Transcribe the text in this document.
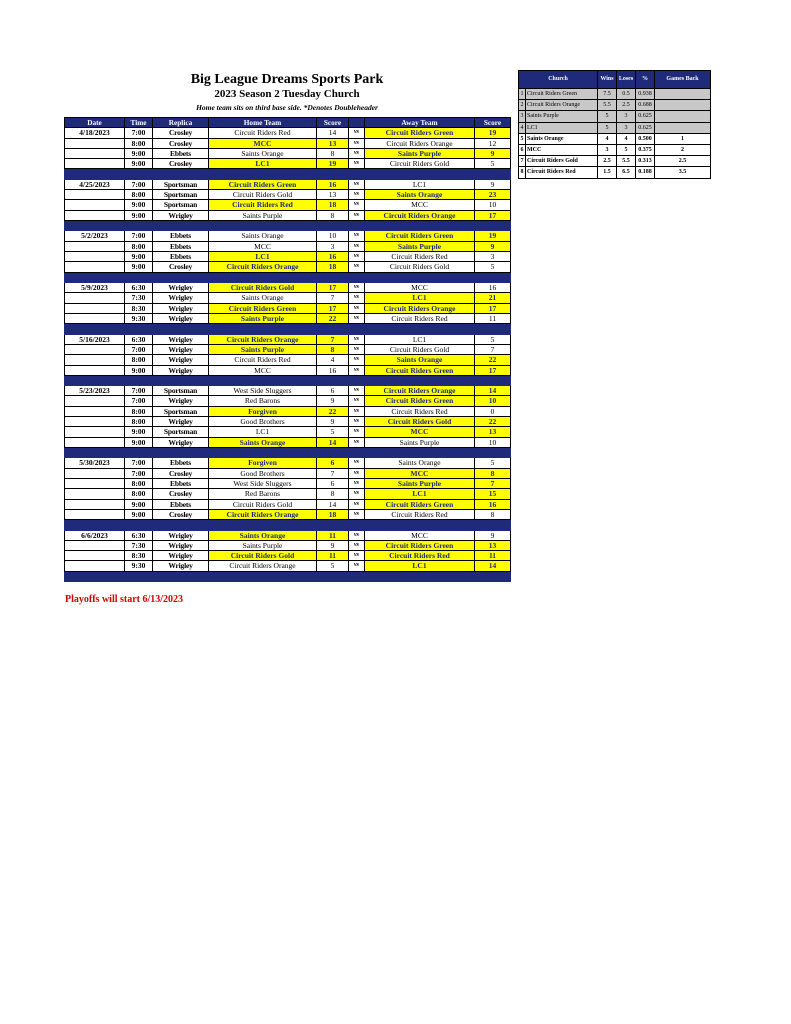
Big League Dreams Sports Park
2023 Season 2 Tuesday Church
Home team sits on third base side. *Denotes Doubleheader
Date	Time	Replica	Home Team	Score		Away Team	Score
4/18/2023	7:00	Crosley	Circuit Riders Red	14	vs	Circuit Riders Green	19
	8:00	Crosley	MCC	13	vs	Circuit Riders Orange	12
	9:00	Ebbets	Saints Orange	8	vs	Saints Purple	9
	9:00	Crosley	LC1	19	vs	Circuit Riders Gold	5

4/25/2023	7:00	Sportsman	Circuit Riders Green	16	vs	LC1	9
	8:00	Sportsman	Circuit Riders Gold	13	vs	Saints Orange	23
	9:00	Sportsman	Circuit Riders Red	18	vs	MCC	10
	9:00	Wrigley	Saints Purple	8	vs	Circuit Riders Orange	17

5/2/2023	7:00	Ebbets	Saints Orange	10	vs	Circuit Riders Green	19
	8:00	Ebbets	MCC	3	vs	Saints Purple	9
	9:00	Ebbets	LC1	16	vs	Circuit Riders Red	3
	9:00	Crosley	Circuit Riders Orange	18	vs	Circuit Riders Gold	5

5/9/2023	6:30	Wrigley	Circuit Riders Gold	17	vs	MCC	16
	7:30	Wrigley	Saints Orange	7	vs	LC1	21
	8:30	Wrigley	Circuit Riders Green	17	vs	Circuit Riders Orange	17
	9:30	Wrigley	Saints Purple	22	vs	Circuit Riders Red	11

5/16/2023	6:30	Wrigley	Circuit Riders Orange	7	vs	LC1	5
	7:00	Wrigley	Saints Purple	8	vs	Circuit Riders Gold	7
	8:00	Wrigley	Circuit Riders Red	4	vs	Saints Orange	22
	9:00	Wrigley	MCC	16	vs	Circuit Riders Green	17

5/23/2023	7:00	Sportsman	West Side Sluggers	6	vs	Circuit Riders Orange	14
	7:00	Wrigley	Red Barons	9	vs	Circuit Riders Green	10
	8:00	Sportsman	Forgiven	22	vs	Circuit Riders Red	0
	8:00	Wrigley	Good Brothers	9	vs	Circuit Riders Gold	22
	9:00	Sportsman	LC1	5	vs	MCC	13
	9:00	Wrigley	Saints Orange	14	vs	Saints Purple	10

5/30/2023	7:00	Ebbets	Forgiven	6	vs	Saints Orange	5
	7:00	Crosley	Good Brothers	7	vs	MCC	8
	8:00	Ebbets	West Side Sluggers	6	vs	Saints Purple	7
	8:00	Crosley	Red Barons	8	vs	LC1	15
	9:00	Ebbets	Circuit Riders Gold	14	vs	Circuit Riders Green	16
	9:00	Crosley	Circuit Riders Orange	18	vs	Circuit Riders Red	8

6/6/2023	6:30	Wrigley	Saints Orange	11	vs	MCC	9
	7:30	Wrigley	Saints Purple	9	vs	Circuit Riders Green	13
	8:30	Wrigley	Circuit Riders Gold	11	vs	Circuit Riders Red	11
	9:30	Wrigley	Circuit Riders Orange	5	vs	LC1	14

Church		Wins	Loses	%	Games Back
1	Circuit Riders Green	7.5	0.5	0.938	
2	Circuit Riders Orange	5.5	2.5	0.688	
3	Saints Purple	5	3	0.625	
4	LC1	5	3	0.625	
5	Saints Orange	4	4	0.500	1
6	MCC	3	5	0.375	2
7	Circuit Riders Gold	2.5	5.5	0.313	2.5
8	Circuit Riders Red	1.5	6.5	0.188	3.5
Playoffs will start 6/13/2023
